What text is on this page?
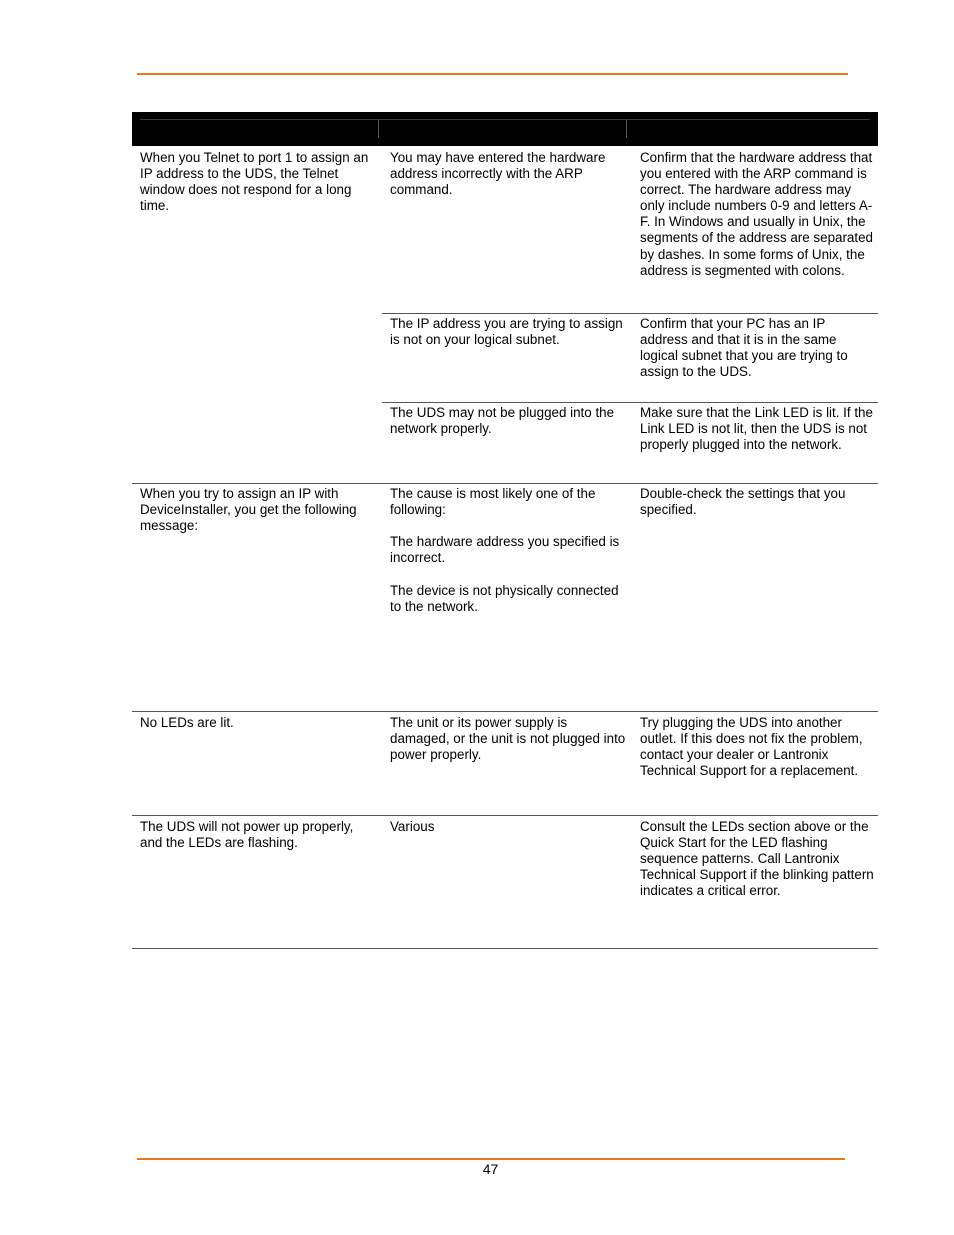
When you Telnet to port 1 to assign an IP address to the UDS, the Telnet window does not respond for a long time.
You may have entered the hardware address incorrectly with the ARP command.
Confirm that the hardware address that you entered with the ARP command is correct. The hardware address may only include numbers 0-9 and letters A-F. In Windows and usually in Unix, the segments of the address are separated by dashes. In some forms of Unix, the address is segmented with colons.
The IP address you are trying to assign is not on your logical subnet.
Confirm that your PC has an IP address and that it is in the same logical subnet that you are trying to assign to the UDS.
The UDS may not be plugged into the network properly.
Make sure that the Link LED is lit. If the Link LED is not lit, then the UDS is not properly plugged into the network.
When you try to assign an IP with DeviceInstaller, you get the following message:
The cause is most likely one of the following:

The hardware address you specified is incorrect.

The device is not physically connected to the network.
Double-check the settings that you specified.
No LEDs are lit.	The unit or its power supply is damaged, or the unit is not plugged into power properly.
Try plugging the UDS into another outlet. If this does not fix the problem, contact your dealer or Lantronix Technical Support for a replacement.
The UDS will not power up properly, and the LEDs are flashing.
Various	Consult the LEDs section above or the Quick Start for the LED flashing sequence patterns. Call Lantronix Technical Support if the blinking pattern indicates a critical error.
47
